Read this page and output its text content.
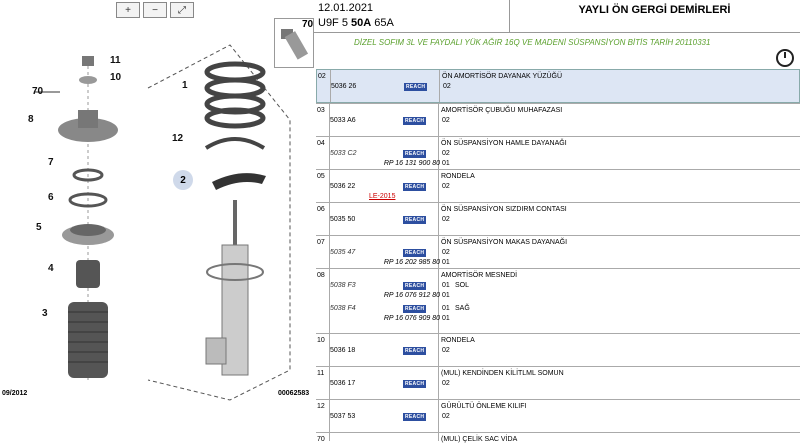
+	−	⤢
70
11
10
70
8
7
6
5
4
3
1
12
2
09/2012	00062583
12.01.2021
U9F 5 50A 65A
YAYLI ÖN GERGİ DEMİRLERİ
DİZEL SOFIM 3L VE FAYDALI YÜK AĞIR 16Q VE MADENİ SÜSPANSİYON BİTİS TARİH 20110331
02	ÖN AMORTİSÖR DAYANAK YÜZÜĞÜ
5036 26	REACH	02
03	AMORTİSÖR ÇUBUĞU MUHAFAZASI
5033 A6	REACH	02
04	ÖN SÜSPANSİYON HAMLE DAYANAĞI
5033 C2	REACH	02
RP 16 131 900 80 01
05	RONDELA
5036 22	REACH	02
LE-2015
06	ÖN SÜSPANSİYON SIZDIRM CONTASI
5035 50	REACH	02
07	ÖN SÜSPANSİYON MAKAS DAYANAĞI
5035 47	REACH	02
RP 16 202 985 80 01
08	AMORTİSÖR MESNEDİ
5038 F3	REACH	01 SOL
RP 16 076 912 80 01
5038 F4	REACH	01 SAĞ
RP 16 076 909 80 01
10	RONDELA
5036 18	REACH	02
11	(MUL) KENDİNDEN KİLİTLML SOMUN
5036 17	REACH	02
12	GÜRÜLTÜ ÖNLEME KILIFI
5037 53	REACH	02
70	(MUL) ÇELİK SAC VİDA
